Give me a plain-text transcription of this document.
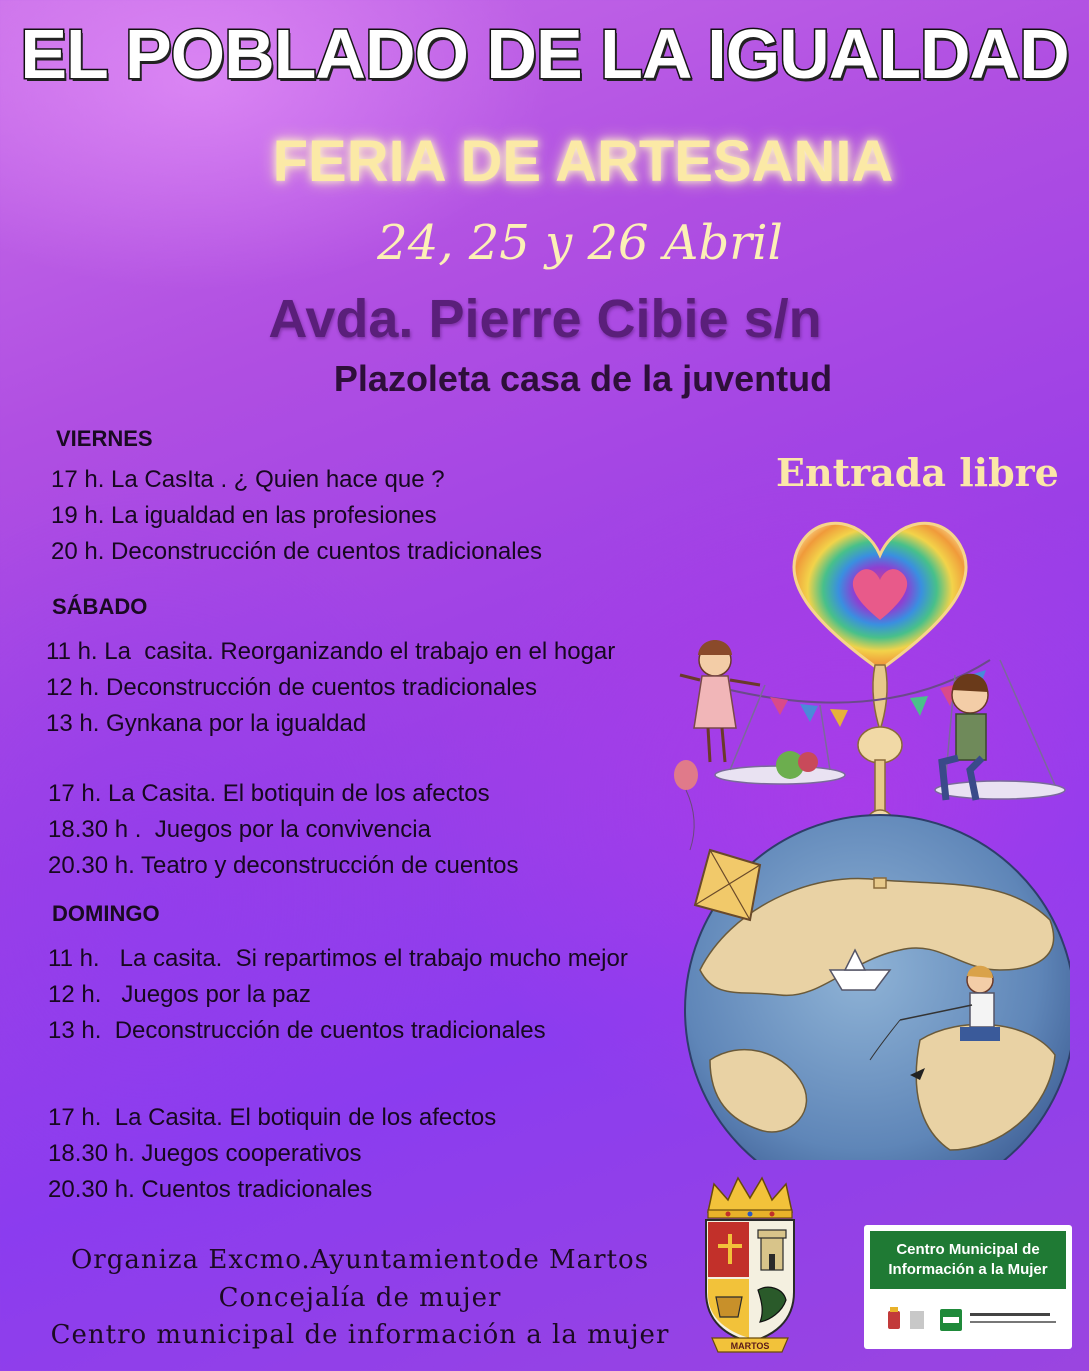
EL POBLADO DE LA IGUALDAD
FERIA DE ARTESANIA
24, 25 y 26 Abril
Avda. Pierre Cibie s/n
Plazoleta casa de la juventud
VIERNES
17 h. La CasIta . ¿ Quien hace que ?
19 h. La igualdad en las profesiones
20 h. Deconstrucción de cuentos tradicionales
SÁBADO
11 h. La  casita. Reorganizando el trabajo en el hogar
12 h. Deconstrucción de cuentos tradicionales
13 h. Gynkana por la igualdad
17 h. La Casita. El botiquin de los afectos
18.30 h .  Juegos por la convivencia
20.30 h. Teatro y deconstrucción de cuentos
DOMINGO
11 h.   La casita.  Si repartimos el trabajo mucho mejor
12 h.   Juegos por la paz
13 h.  Deconstrucción de cuentos tradicionales
17 h.  La Casita. El botiquin de los afectos
18.30 h. Juegos cooperativos
20.30 h. Cuentos tradicionales
Entrada libre
Organiza Excmo.Ayuntamientode Martos
Concejalía de mujer
Centro municipal de información a la mujer	MARTOS
Centro Municipal de
Información a la Mujer
